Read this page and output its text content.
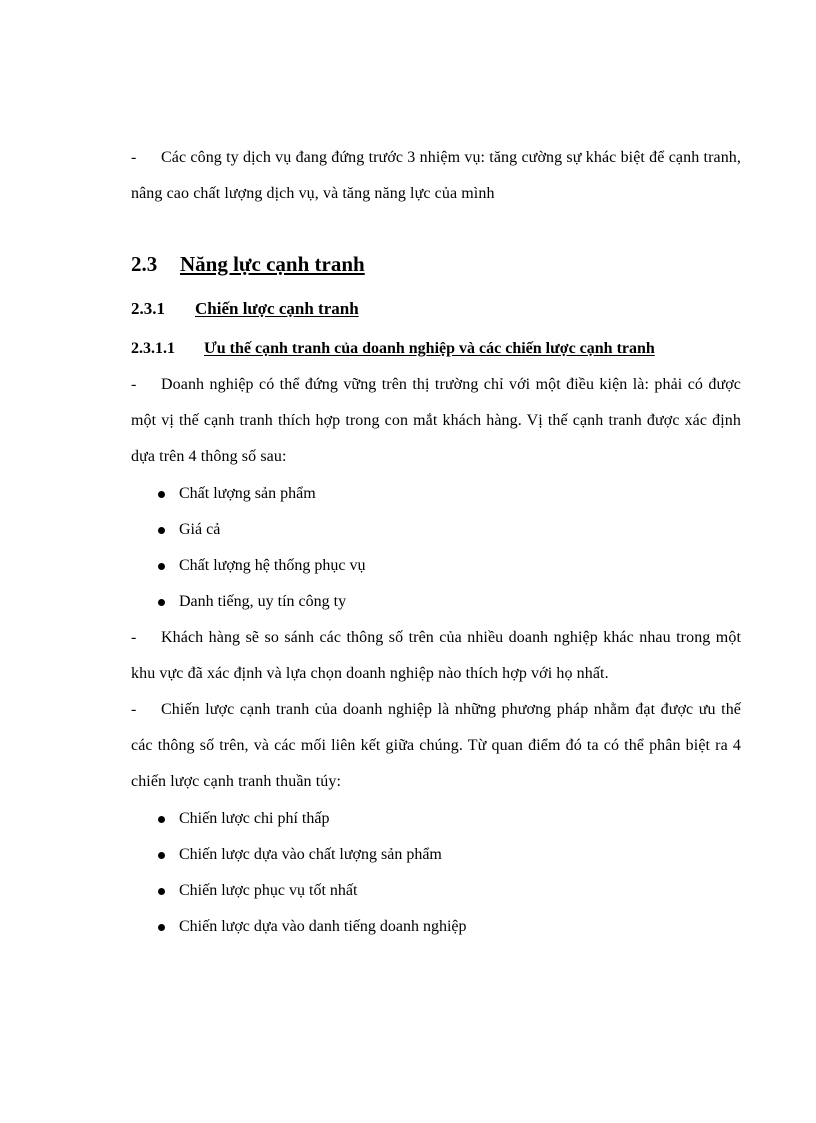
- Các công ty dịch vụ đang đứng trước 3 nhiệm vụ: tăng cường sự khác biệt để cạnh tranh, nâng cao chất lượng dịch vụ, và tăng năng lực của mình

2.3 Năng lực cạnh tranh
2.3.1 Chiến lược cạnh tranh
2.3.1.1 Ưu thế cạnh tranh của doanh nghiệp và các chiến lược cạnh tranh

- Doanh nghiệp có thể đứng vững trên thị trường chỉ với một điều kiện là: phải có được một vị thế cạnh tranh thích hợp trong con mắt khách hàng. Vị thế cạnh tranh được xác định dựa trên 4 thông số sau:

Chất lượng sản phẩm
Giá cả
Chất lượng hệ thống phục vụ
Danh tiếng, uy tín công ty

- Khách hàng sẽ so sánh các thông số trên của nhiều doanh nghiệp khác nhau trong một khu vực đã xác định và lựa chọn doanh nghiệp nào thích hợp với họ nhất.

- Chiến lược cạnh tranh của doanh nghiệp là những phương pháp nhằm đạt được ưu thế các thông số trên, và các mối liên kết giữa chúng. Từ quan điểm đó ta có thể phân biệt ra 4 chiến lược cạnh tranh thuần túy:

Chiến lược chi phí thấp
Chiến lược dựa vào chất lượng sản phẩm
Chiến lược phục vụ tốt nhất
Chiến lược dựa vào danh tiếng doanh nghiệp
